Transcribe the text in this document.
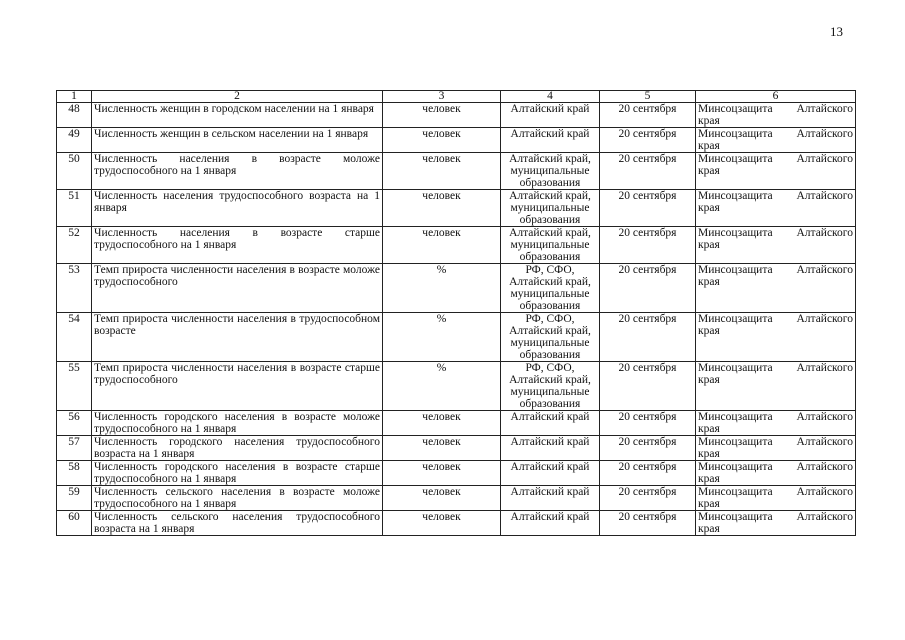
13
1	2	3	4	5	6
48	Численность женщин в городском населении на 1 января	человек	Алтайский край	20 сентября	Минсоцзащита Алтайского края
49	Численность женщин в сельском населении на 1 января	человек	Алтайский край	20 сентября	Минсоцзащита Алтайского края
50	Численность населения в возрасте моложе трудоспособного на 1 января	человек	Алтайский край, муниципальные образования	20 сентября	Минсоцзащита Алтайского края
51	Численность населения трудоспособного возраста на 1 января	человек	Алтайский край, муниципальные образования	20 сентября	Минсоцзащита Алтайского края
52	Численность населения в возрасте старше трудоспособного на 1 января	человек	Алтайский край, муниципальные образования	20 сентября	Минсоцзащита Алтайского края
53	Темп прироста численности населения в возрасте моложе трудоспособного	%	РФ, СФО, Алтайский край, муниципальные образования	20 сентября	Минсоцзащита Алтайского края
54	Темп прироста численности населения в трудоспособном возрасте	%	РФ, СФО, Алтайский край, муниципальные образования	20 сентября	Минсоцзащита Алтайского края
55	Темп прироста численности населения в возрасте старше трудоспособного	%	РФ, СФО, Алтайский край, муниципальные образования	20 сентября	Минсоцзащита Алтайского края
56	Численность городского населения в возрасте моложе трудоспособного на 1 января	человек	Алтайский край	20 сентября	Минсоцзащита Алтайского края
57	Численность городского населения трудоспособного возраста на 1 января	человек	Алтайский край	20 сентября	Минсоцзащита Алтайского края
58	Численность городского населения в возрасте старше трудоспособного на 1 января	человек	Алтайский край	20 сентября	Минсоцзащита Алтайского края
59	Численность сельского населения в возрасте моложе трудоспособного на 1 января	человек	Алтайский край	20 сентября	Минсоцзащита Алтайского края
60	Численность сельского населения трудоспособного возраста на 1 января	человек	Алтайский край	20 сентября	Минсоцзащита Алтайского края
